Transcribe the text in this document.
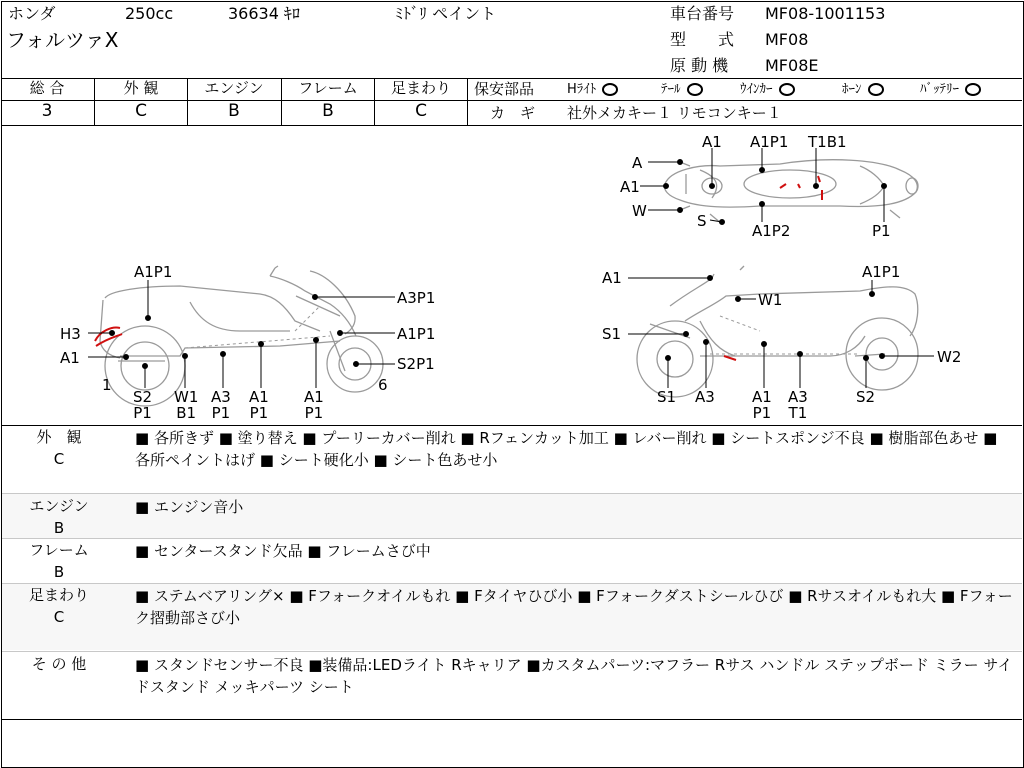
ホンダ	250cc	36634 ｷﾛ	ﾐﾄﾞﾘ ペイント
フォルツァX
車台番号 MF08-1001153
型　　式 MF08
原 動 機 MF08E
総 合	外 観	エンジン	フレーム	足まわり
3	C	B	B	C
保安部品	Hﾗｲﾄ	ﾃｰﾙ	ｳｲﾝｶｰ	ﾎｰﾝ	ﾊﾞｯﾃﾘｰ
カ　ギ 社外メカキー１ リモコンキー１
A
A1
W
A1
S
A1P1 T1B1
A1P2	P1
A1P1
A3P1
H3	A1P1
A1	S2P1
1	6
S2
P1
W1
B1
A3
P1
A1
P1
A1
P1
A1
W1
A1P1
S1
W2
S1 A3 A1
P1
A3
T1
S2
外　観
C
■ 各所きず ■ 塗り替え ■ プーリーカバー削れ ■ Rフェンカット加工 ■ レバー削れ ■ シートスポンジ不良 ■ 樹脂部色あせ ■ 各所ペイントはげ ■ シート硬化小 ■ シート色あせ小
エンジン
B
■ エンジン音小
フレーム
B
■ センタースタンド欠品 ■ フレームさび中
足まわり
C
■ ステムベアリング× ■ Fフォークオイルもれ ■ Fタイヤひび小 ■ Fフォークダストシールひび ■ Rサスオイルもれ大 ■ Fフォーク摺動部さび小
そ の 他	■ スタンドセンサー不良 ■装備品:LEDライト Rキャリア ■カスタムパーツ:マフラー Rサス ハンドル ステップボード ミラー サイドスタンド メッキパーツ シート
